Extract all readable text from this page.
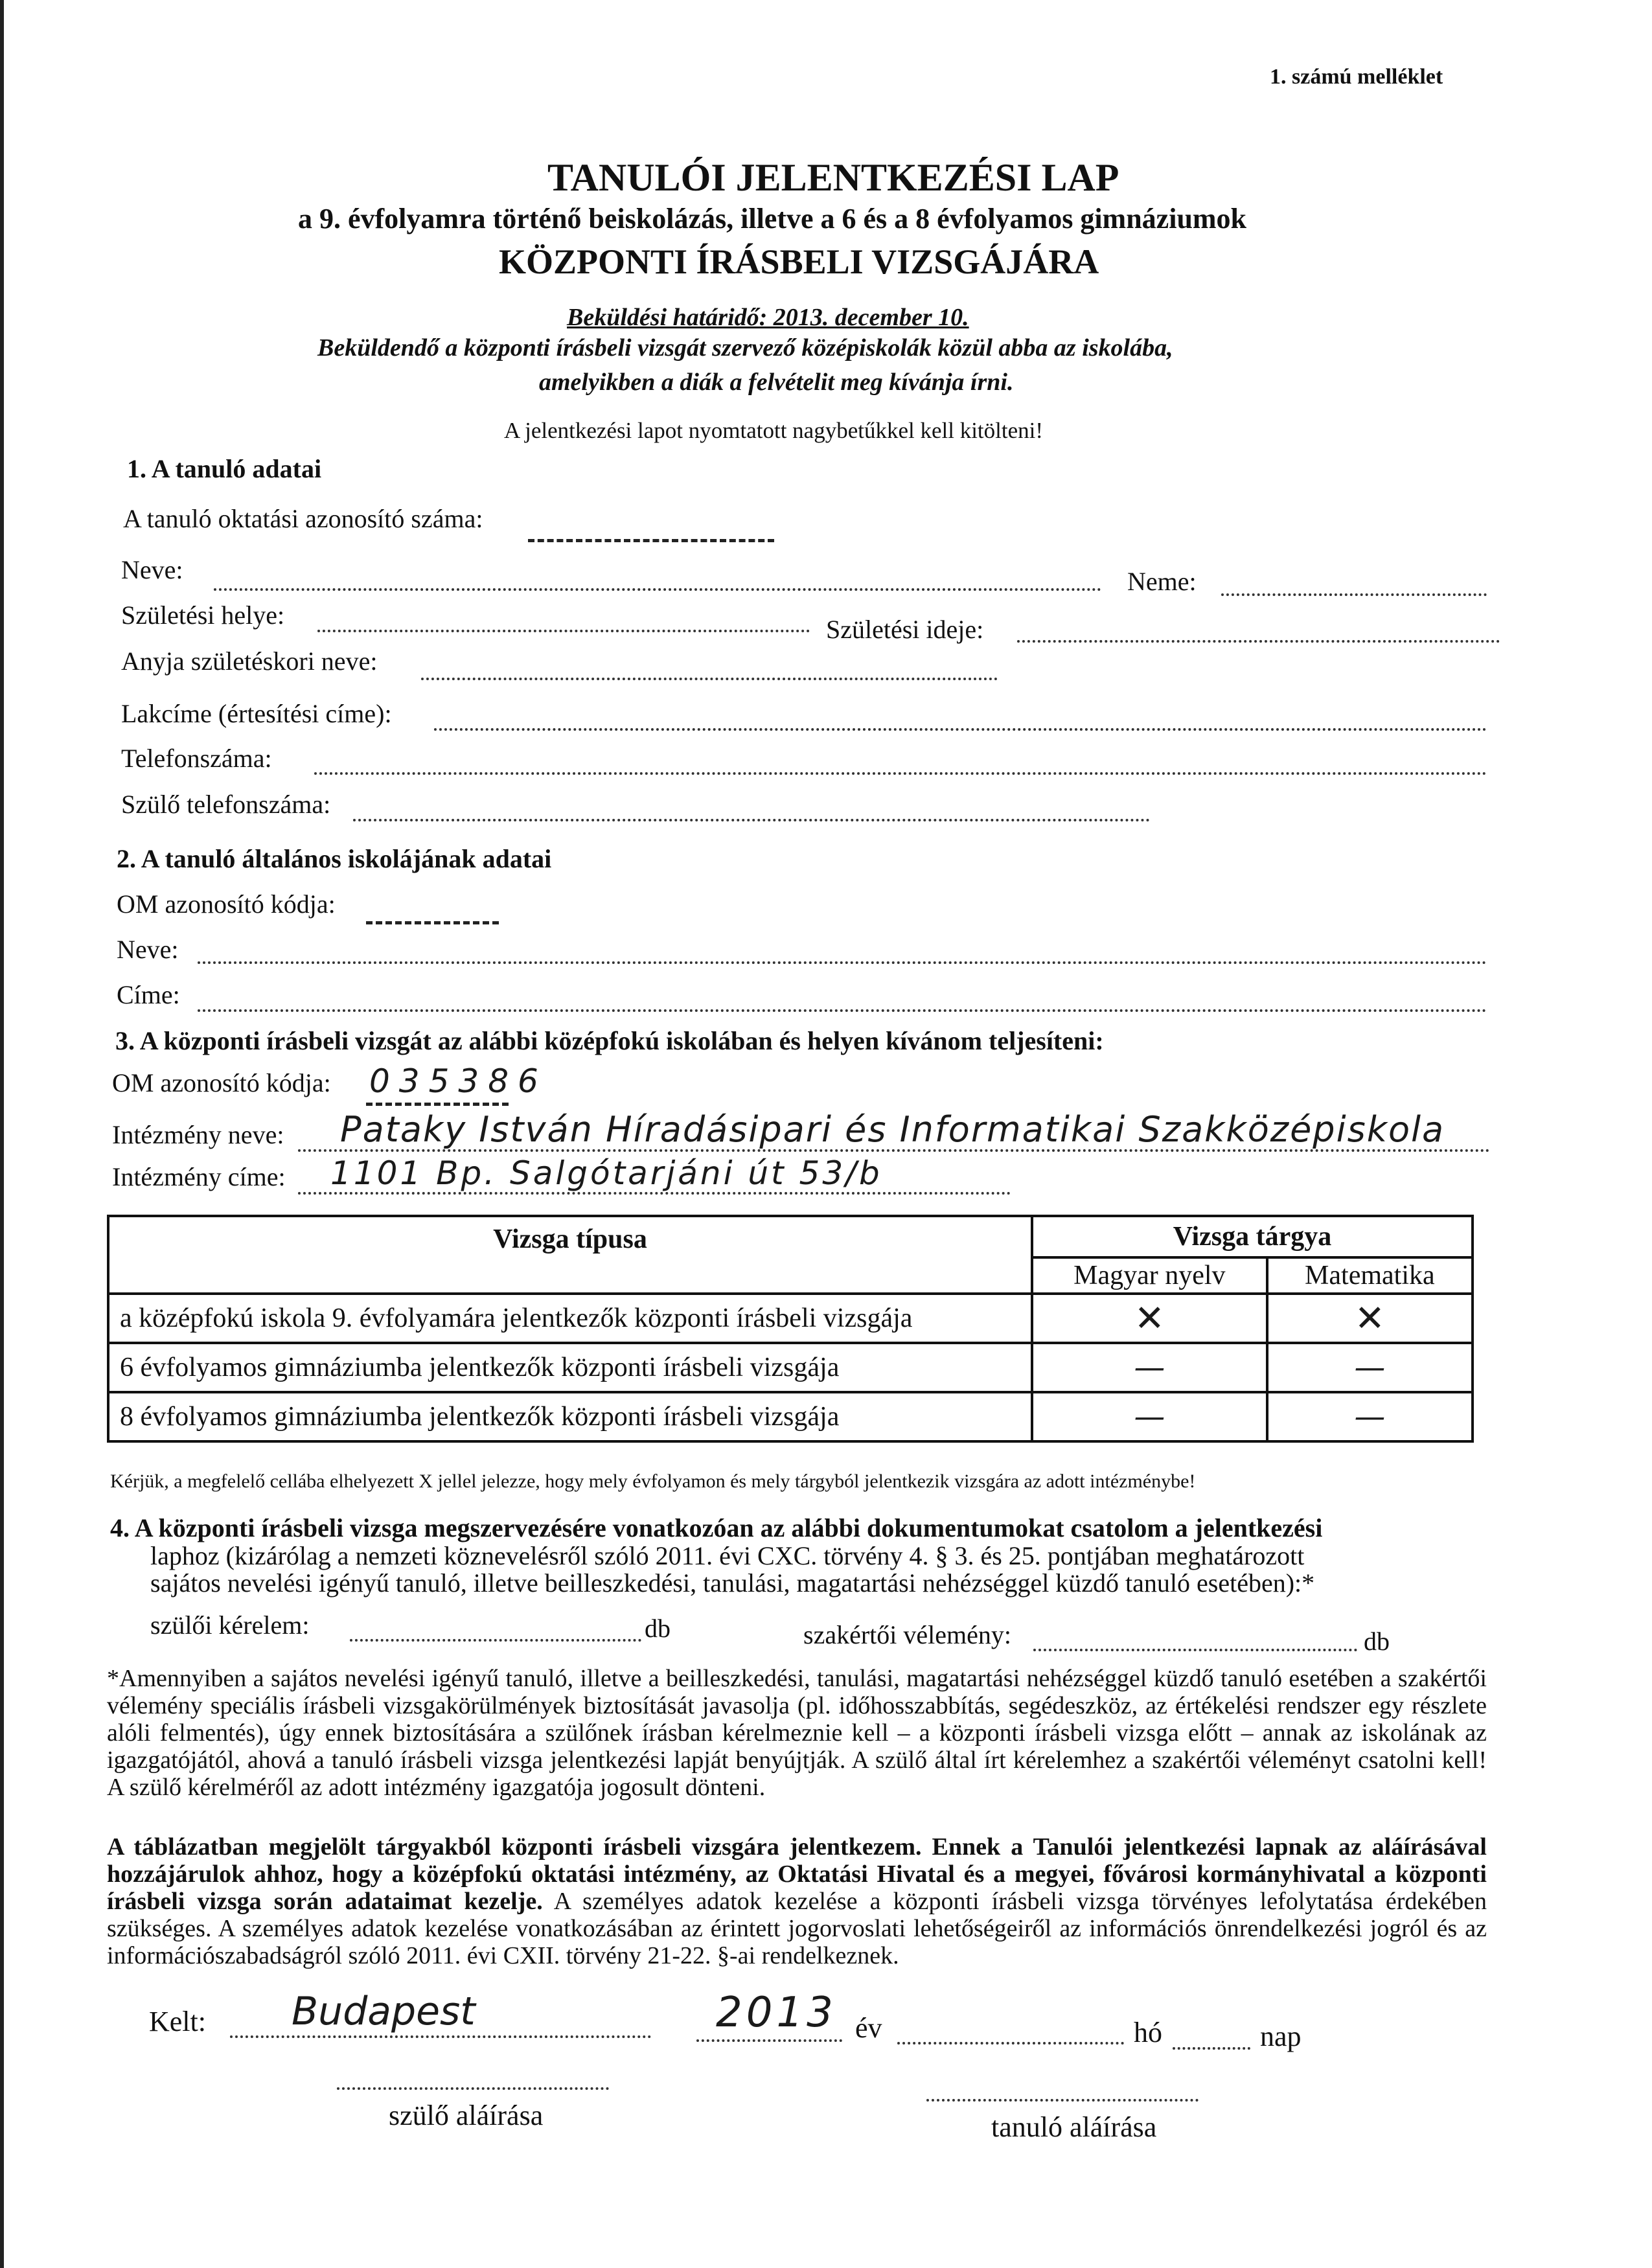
1. számú melléklet
TANULÓI JELENTKEZÉSI LAP
a 9. évfolyamra történő beiskolázás, illetve a 6 és a 8 évfolyamos gimnáziumok
KÖZPONTI ÍRÁSBELI VIZSGÁJÁRA
Beküldési határidő: 2013. december 10.
Beküldendő a központi írásbeli vizsgát szervező középiskolák közül abba az iskolába,
amelyikben a diák a felvételit meg kívánja írni.
A jelentkezési lapot nyomtatott nagybetűkkel kell kitölteni!
1. A tanuló adatai
A tanuló oktatási azonosító száma:
Neve:	Neme:
Születési helye:	Születési ideje:
Anyja születéskori neve:
Lakcíme (értesítési címe):
Telefonszáma:
Szülő telefonszáma:
2. A tanuló általános iskolájának adatai
OM azonosító kódja:
Neve:
Címe:
3. A központi írásbeli vizsgát az alábbi középfokú iskolában és helyen kívánom teljesíteni:
OM azonosító kódja: 035386
Intézmény neve: Pataky István Híradásipari és Informatikai Szakközépiskola
Intézmény címe: 1101 Bp. Salgótarjáni út 53/b
Vizsga típusa	Vizsga tárgya	
	Magyar nyelv	Matematika
a középfokú iskola 9. évfolyamára jelentkezők központi írásbeli vizsgája	✕	✕
6 évfolyamos gimnáziumba jelentkezők központi írásbeli vizsgája	—	—
8 évfolyamos gimnáziumba jelentkezők központi írásbeli vizsgája	—	—
Kérjük, a megfelelő cellába elhelyezett X jellel jelezze, hogy mely évfolyamon és mely tárgyból jelentkezik vizsgára az adott intézménybe!
4. A központi írásbeli vizsga megszervezésére vonatkozóan az alábbi dokumentumokat csatolom a jelentkezési
laphoz (kizárólag a nemzeti köznevelésről szóló 2011. évi CXC. törvény 4. § 3. és 25. pontjában meghatározott
sajátos nevelési igényű tanuló, illetve beilleszkedési, tanulási, magatartási nehézséggel küzdő tanuló esetében):*
szülői kérelem:	db	szakértői vélemény:	db
*Amennyiben a sajátos nevelési igényű tanuló, illetve a beilleszkedési, tanulási, magatartási nehézséggel küzdő tanuló esetében a szakértői vélemény speciális írásbeli vizsgakörülmények biztosítását javasolja (pl. időhosszabbítás, segédeszköz, az értékelési rendszer egy részlete alóli felmentés), úgy ennek biztosítására a szülőnek írásban kérelmeznie kell – a központi írásbeli vizsga előtt – annak az iskolának az igazgatójától, ahová a tanuló írásbeli vizsga jelentkezési lapját benyújtják. A szülő által írt kérelemhez a szakértői véleményt csatolni kell! A szülő kérelméről az adott intézmény igazgatója jogosult dönteni.
A táblázatban megjelölt tárgyakból központi írásbeli vizsgára jelentkezem. Ennek a Tanulói jelentkezési lapnak az aláírásával hozzájárulok ahhoz, hogy a középfokú oktatási intézmény, az Oktatási Hivatal és a megyei, fővárosi kormányhivatal a központi írásbeli vizsga során adataimat kezelje. A személyes adatok kezelése a központi írásbeli vizsga törvényes lefolytatása érdekében szükséges. A személyes adatok kezelése vonatkozásában az érintett jogorvoslati lehetőségeiről az információs önrendelkezési jogról és az információszabadságról szóló 2011. évi CXII. törvény 21-22. §-ai rendelkeznek.
Kelt: Budapest	2013 év	hó	nap
szülő aláírása	tanuló aláírása
